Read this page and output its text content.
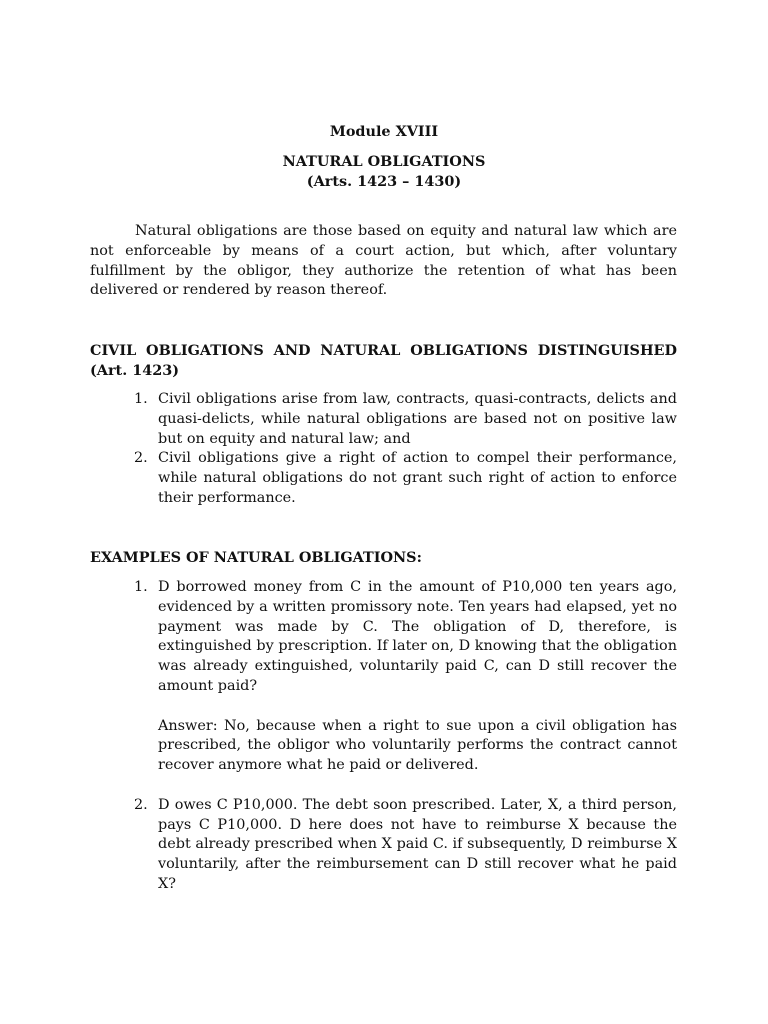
Module XVIII
NATURAL OBLIGATIONS
(Arts. 1423 – 1430)
Natural obligations are those based on equity and natural law which are not enforceable by means of a court action, but which, after voluntary fulfillment by the obligor, they authorize the retention of what has been delivered or rendered by reason thereof.
CIVIL OBLIGATIONS AND NATURAL OBLIGATIONS DISTINGUISHED (Art. 1423)
1. Civil obligations arise from law, contracts, quasi-contracts, delicts and quasi-delicts, while natural obligations are based not on positive law but on equity and natural law; and

2. Civil obligations give a right of action to compel their performance, while natural obligations do not grant such right of action to enforce their performance.

EXAMPLES OF NATURAL OBLIGATIONS:
1. D borrowed money from C in the amount of P10,000 ten years ago, evidenced by a written promissory note. Ten years had elapsed, yet no payment was made by C. The obligation of D, therefore, is extinguished by prescription. If later on, D knowing that the obligation was already extinguished, voluntarily paid C, can D still recover the amount paid?

Answer: No, because when a right to sue upon a civil obligation has prescribed, the obligor who voluntarily performs the contract cannot recover anymore what he paid or delivered.

2. D owes C P10,000. The debt soon prescribed. Later, X, a third person, pays C P10,000. D here does not have to reimburse X because the debt already prescribed when X paid C. if subsequently, D reimburse X voluntarily, after the reimbursement can D still recover what he paid X?
